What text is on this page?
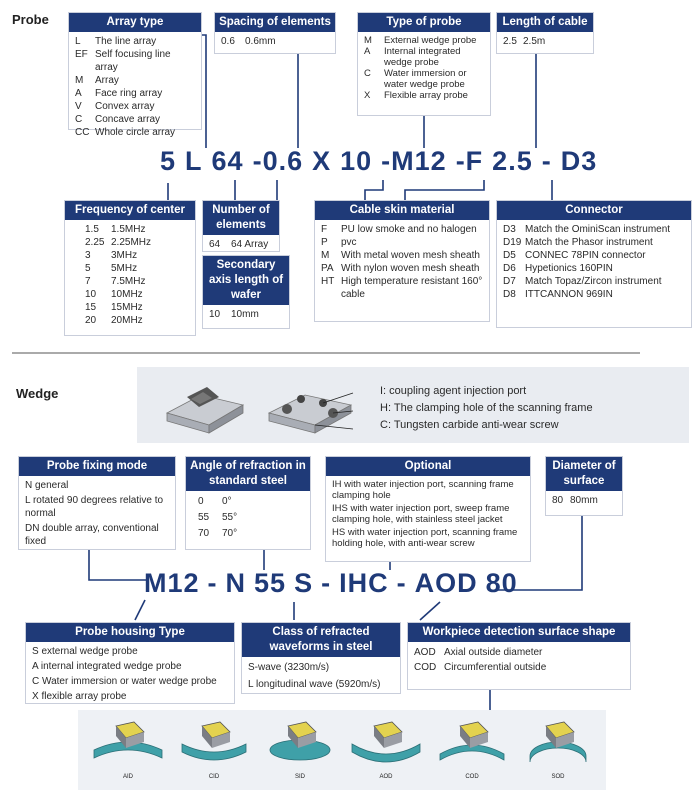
Probe	Array type
L	The line array
EF Self focusing line array
M	Array
A	Face ring array
V	Convex array
C	Concave array
CC Whole circle array
Spacing of elements
0.6	0.6mm
Type of probe
M	External wedge probe
A	Internal integrated wedge probe
C	Water immersion or water wedge probe
X	Flexible array probe
Length of cable
2.5 2.5m
5 L 64 -0.6 X 10 -M12 -F 2.5 - D3
Frequency of center
1.5	1.5MHz
2.25 2.25MHz
3	3MHz
5	5MHz
7	7.5MHz
10	10MHz
15	15MHz
20	20MHz
Number of elements
64	64 Array
Secondary axis length of wafer
10	10mm
Cable skin material
F	PU low smoke and no halogen
P	pvc
M	With metal woven mesh sheath
PA With nylon woven mesh sheath
HT High temperature resistant 160° cable
Connector
D3 Match the OminiScan instrument
D19 Match the Phasor instrument
D5 CONNEC 78PIN connector
D6 Hypetionics 160PIN
D7 Match Topaz/Zircon instrument
D8 ITTCANNON 969IN
Wedge	I: coupling agent injection port
H: The clamping hole of the scanning frame
C: Tungsten carbide anti-wear screw
Probe fixing mode
N general
L rotated 90 degrees relative to normal
DN double array, conventional fixed
Angle of refraction in standard steel
0	0°
55	55°
70	70°
Optional
IH with water injection port, scanning frame clamping hole
IHS with water injection port, sweep frame clamping hole, with stainless steel jacket
HS with water injection port, scanning frame holding hole, with anti-wear screw
Diameter of surface
80 80mm
M12 - N 55 S - IHC - AOD 80
Probe housing Type
S external wedge probe
A internal integrated wedge probe
C Water immersion or water wedge probe
X flexible array probe
Class of refracted waveforms in steel
S-wave (3230m/s)
L longitudinal wave (5920m/s)
Workpiece detection surface shape
AOD Axial outside diameter
COD Circumferential outside
AID	CID	SID	AOD	COD	SOD
